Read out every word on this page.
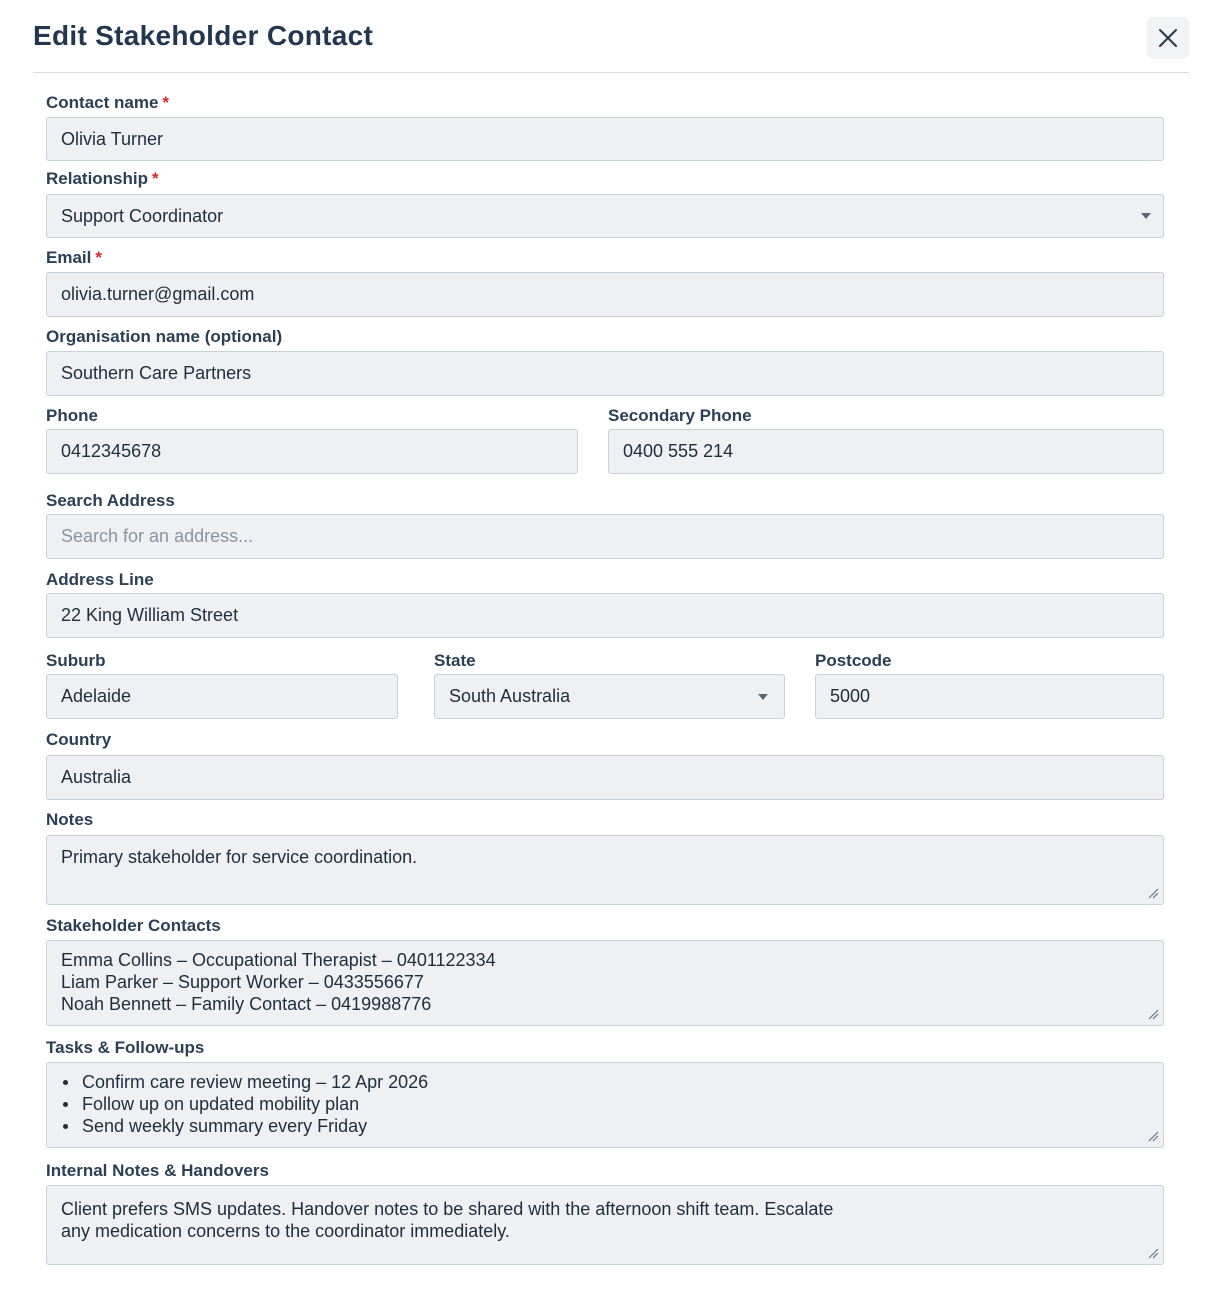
Edit Stakeholder Contact
Contact name *
Olivia Turner
Relationship *
Support Coordinator
Email *
olivia.turner@gmail.com
Organisation name (optional)
Southern Care Partners
Phone
0412345678	Secondary Phone
0400 555 214
Search Address
Search for an address...
Address Line
22 King William Street
Suburb
Adelaide	State
South Australia
Postcode
5000
Country
Australia
Notes
Primary stakeholder for service coordination.
Stakeholder Contacts
Emma Collins – Occupational Therapist – 0401122334 Liam Parker – Support Worker – 0433556677 Noah Bennett – Family Contact – 0419988776
Tasks & Follow-ups
Confirm care review meeting – 12 Apr 2026
Follow up on updated mobility plan
Send weekly summary every Friday
Internal Notes & Handovers
Client prefers SMS updates. Handover notes to be shared with the afternoon shift team. Escalate any medication concerns to the coordinator immediately.
